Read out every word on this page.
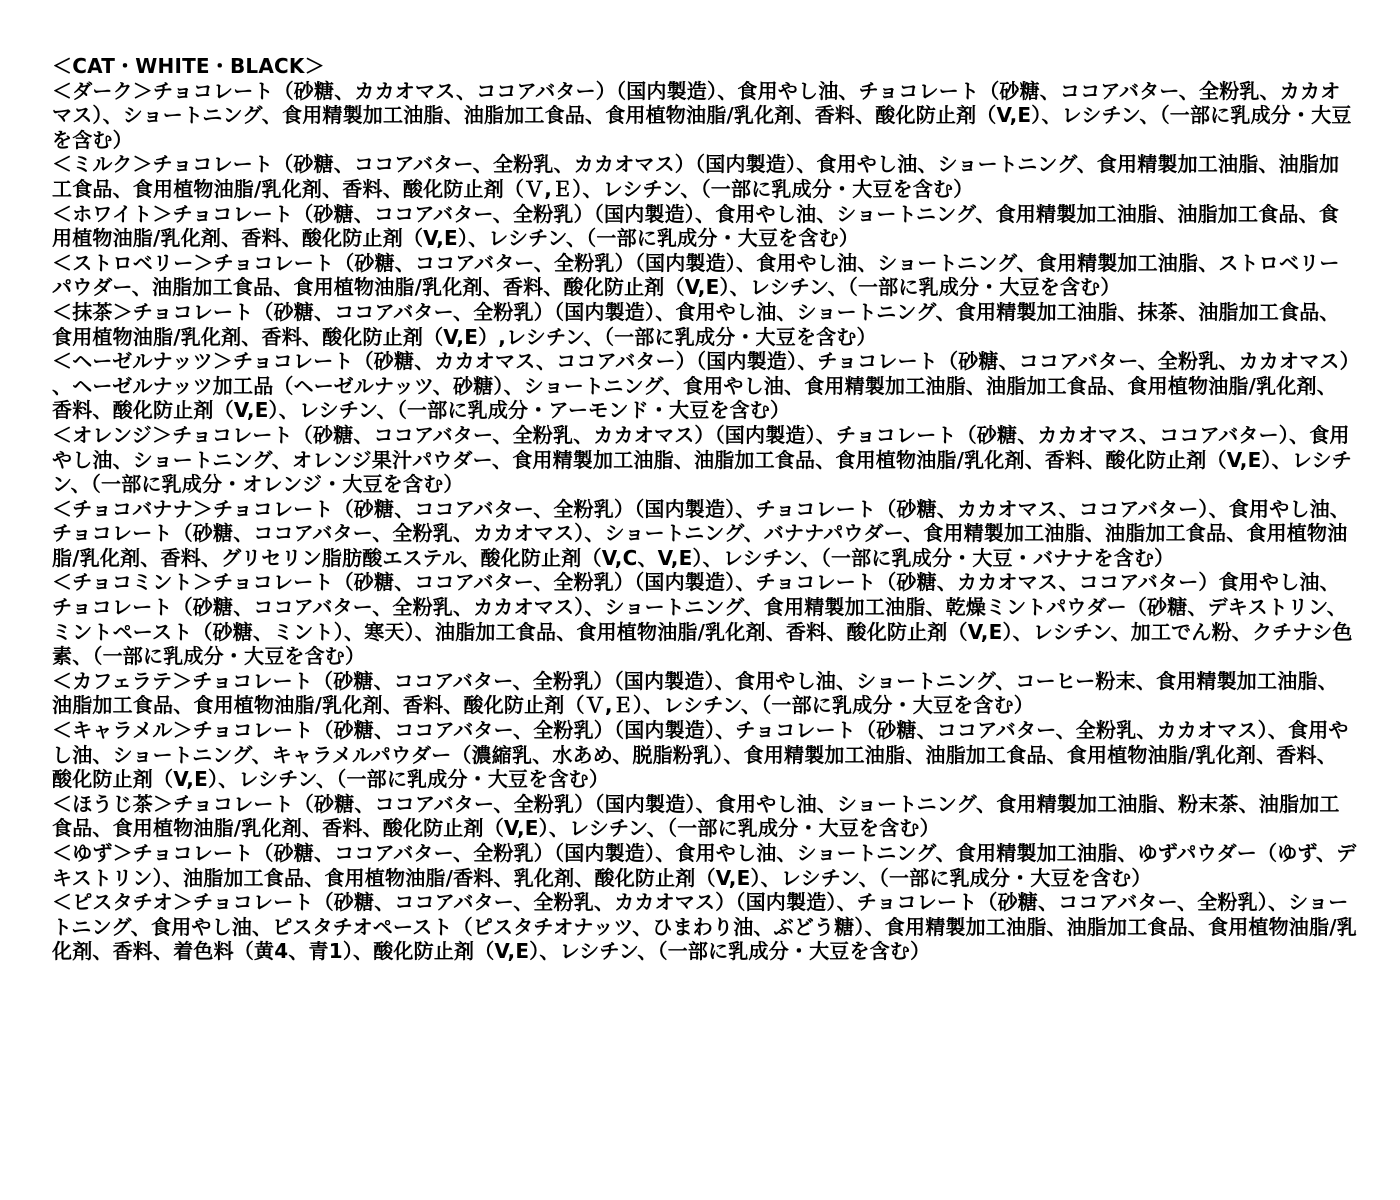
＜CAT・WHITE・BLACK＞
＜ダーク＞チョコレート（砂糖、カカオマス、ココアバター）（国内製造）、食用やし油、チョコレート（砂糖、ココアバター、全粉乳、カカオマス）、ショートニング、食用精製加工油脂、油脂加工食品、食用植物油脂/乳化剤、香料、酸化防止剤（V,E）、レシチン、（一部に乳成分・大豆を含む）
＜ミルク＞チョコレート（砂糖、ココアバター、全粉乳、カカオマス）（国内製造）、食用やし油、ショートニング、食用精製加工油脂、油脂加工食品、食用植物油脂/乳化剤、香料、酸化防止剤（Ｖ,Ｅ）、レシチン、（一部に乳成分・大豆を含む）
＜ホワイト＞チョコレート（砂糖、ココアバター、全粉乳）（国内製造）、食用やし油、ショートニング、食用精製加工油脂、油脂加工食品、食用植物油脂/乳化剤、香料、酸化防止剤（V,E）、レシチン、（一部に乳成分・大豆を含む）
＜ストロベリー＞チョコレート（砂糖、ココアバター、全粉乳）（国内製造）、食用やし油、ショートニング、食用精製加工油脂、ストロベリーパウダー、油脂加工食品、食用植物油脂/乳化剤、香料、酸化防止剤（V,E）、レシチン、（一部に乳成分・大豆を含む）
＜抹茶＞チョコレート（砂糖、ココアバター、全粉乳）（国内製造）、食用やし油、ショートニング、食用精製加工油脂、抹茶、油脂加工食品、食用植物油脂/乳化剤、香料、酸化防止剤（V,E）,レシチン、（一部に乳成分・大豆を含む）
＜ヘーゼルナッツ＞チョコレート（砂糖、カカオマス、ココアバター）（国内製造）、チョコレート（砂糖、ココアバター、全粉乳、カカオマス）、ヘーゼルナッツ加工品（ヘーゼルナッツ、砂糖）、ショートニング、食用やし油、食用精製加工油脂、油脂加工食品、食用植物油脂/乳化剤、香料、酸化防止剤（V,E）、レシチン、（一部に乳成分・アーモンド・大豆を含む）
＜オレンジ＞チョコレート（砂糖、ココアバター、全粉乳、カカオマス）（国内製造）、チョコレート（砂糖、カカオマス、ココアバター）、食用やし油、ショートニング、オレンジ果汁パウダー、食用精製加工油脂、油脂加工食品、食用植物油脂/乳化剤、香料、酸化防止剤（V,E）、レシチン、（一部に乳成分・オレンジ・大豆を含む）
＜チョコバナナ＞チョコレート（砂糖、ココアバター、全粉乳）（国内製造）、チョコレート（砂糖、カカオマス、ココアバター）、食用やし油、チョコレート（砂糖、ココアバター、全粉乳、カカオマス）、ショートニング、バナナパウダー、食用精製加工油脂、油脂加工食品、食用植物油脂/乳化剤、香料、グリセリン脂肪酸エステル、酸化防止剤（V,C、V,E）、レシチン、（一部に乳成分・大豆・バナナを含む）
＜チョコミント＞チョコレート（砂糖、ココアバター、全粉乳）（国内製造）、チョコレート（砂糖、カカオマス、ココアバター）食用やし油、チョコレート（砂糖、ココアバター、全粉乳、カカオマス）、ショートニング、食用精製加工油脂、乾燥ミントパウダー（砂糖、デキストリン、ミントペースト（砂糖、ミント）、寒天）、油脂加工食品、食用植物油脂/乳化剤、香料、酸化防止剤（V,E）、レシチン、加工でん粉、クチナシ色素、（一部に乳成分・大豆を含む）
＜カフェラテ＞チョコレート（砂糖、ココアバター、全粉乳）（国内製造）、食用やし油、ショートニング、コーヒー粉末、食用精製加工油脂、油脂加工食品、食用植物油脂/乳化剤、香料、酸化防止剤（Ｖ,Ｅ）、レシチン、（一部に乳成分・大豆を含む）
＜キャラメル＞チョコレート（砂糖、ココアバター、全粉乳）（国内製造）、チョコレート（砂糖、ココアバター、全粉乳、カカオマス）、食用やし油、ショートニング、キャラメルパウダー（濃縮乳、水あめ、脱脂粉乳）、食用精製加工油脂、油脂加工食品、食用植物油脂/乳化剤、香料、酸化防止剤（V,E）、レシチン、（一部に乳成分・大豆を含む）
＜ほうじ茶＞チョコレート（砂糖、ココアバター、全粉乳）（国内製造）、食用やし油、ショートニング、食用精製加工油脂、粉末茶、油脂加工食品、食用植物油脂/乳化剤、香料、酸化防止剤（V,E）、レシチン、（一部に乳成分・大豆を含む）
＜ゆず＞チョコレート（砂糖、ココアバター、全粉乳）（国内製造）、食用やし油、ショートニング、食用精製加工油脂、ゆずパウダー（ゆず、デキストリン）、油脂加工食品、食用植物油脂/香料、乳化剤、酸化防止剤（V,E）、レシチン、（一部に乳成分・大豆を含む）
＜ピスタチオ＞チョコレート（砂糖、ココアバター、全粉乳、カカオマス）（国内製造）、チョコレート（砂糖、ココアバター、全粉乳）、ショートニング、食用やし油、ピスタチオペースト（ピスタチオナッツ、ひまわり油、ぶどう糖）、食用精製加工油脂、油脂加工食品、食用植物油脂/乳化剤、香料、着色料（黄4、青1）、酸化防止剤（V,E）、レシチン、（一部に乳成分・大豆を含む）
